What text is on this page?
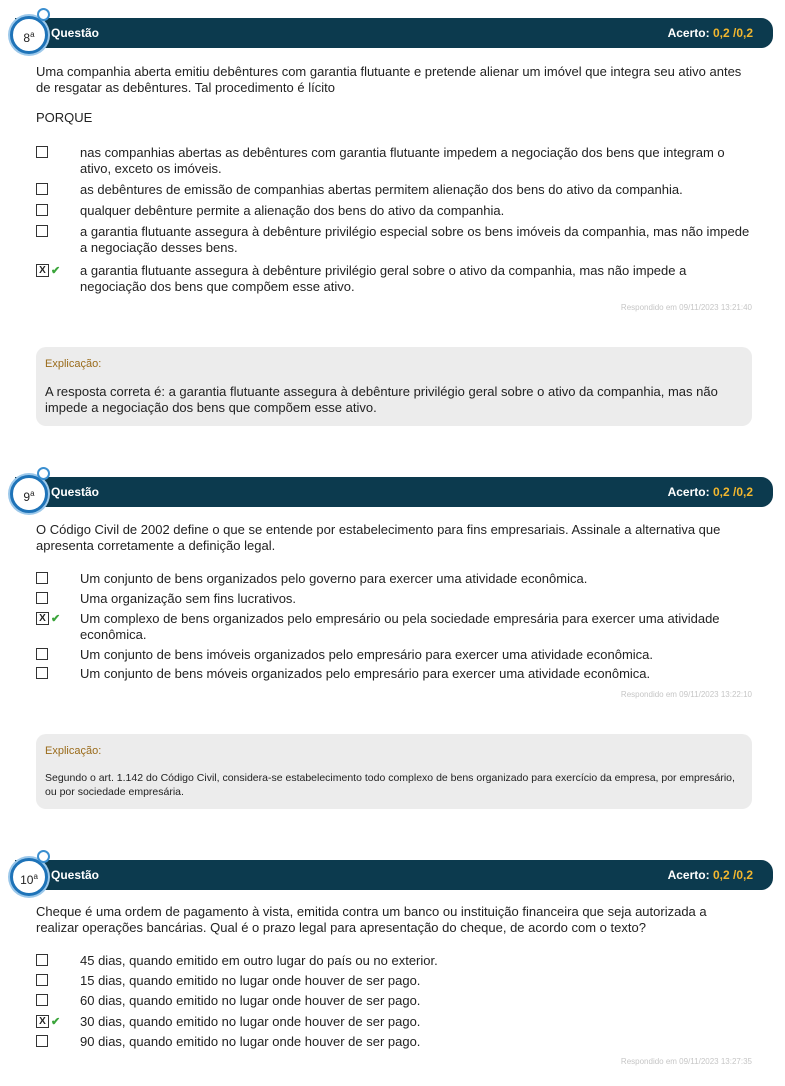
Questão	Acerto: 0,2 /0,2
8$^a$
Uma companhia aberta emitiu debêntures com garantia flutuante e pretende alienar um imóvel que integra seu ativo antes de resgatar as debêntures. Tal procedimento é lícito
PORQUE
nas companhias abertas as debêntures com garantia flutuante impedem a negociação dos bens que integram o ativo, exceto os imóveis.
as debêntures de emissão de companhias abertas permitem alienação dos bens do ativo da companhia.
qualquer debênture permite a alienação dos bens do ativo da companhia.
a garantia flutuante assegura à debênture privilégio especial sobre os bens imóveis da companhia, mas não impede a negociação desses bens.
X ✔ a garantia flutuante assegura à debênture privilégio geral sobre o ativo da companhia, mas não impede a negociação dos bens que compõem esse ativo.
Respondido em 09/11/2023 13:21:40
Explicação:
A resposta correta é: a garantia flutuante assegura à debênture privilégio geral sobre o ativo da companhia, mas não impede a negociação dos bens que compõem esse ativo.
Questão	Acerto: 0,2 /0,2
9$^a$
O Código Civil de 2002 define o que se entende por estabelecimento para fins empresariais. Assinale a alternativa que apresenta corretamente a definição legal.
Um conjunto de bens organizados pelo governo para exercer uma atividade econômica.
Uma organização sem fins lucrativos.
X ✔ Um complexo de bens organizados pelo empresário ou pela sociedade empresária para exercer uma atividade econômica.
Um conjunto de bens imóveis organizados pelo empresário para exercer uma atividade econômica.
Um conjunto de bens móveis organizados pelo empresário para exercer uma atividade econômica.
Respondido em 09/11/2023 13:22:10
Explicação:
Segundo o art. 1.142 do Código Civil, considera-se estabelecimento todo complexo de bens organizado para exercício da empresa, por empresário, ou por sociedade empresária.
Questão	Acerto: 0,2 /0,2
10$^a$
Cheque é uma ordem de pagamento à vista, emitida contra um banco ou instituição financeira que seja autorizada a realizar operações bancárias. Qual é o prazo legal para apresentação do cheque, de acordo com o texto?
45 dias, quando emitido em outro lugar do país ou no exterior.
15 dias, quando emitido no lugar onde houver de ser pago.
60 dias, quando emitido no lugar onde houver de ser pago.
X ✔ 30 dias, quando emitido no lugar onde houver de ser pago.
90 dias, quando emitido no lugar onde houver de ser pago.
Respondido em 09/11/2023 13:27:35
